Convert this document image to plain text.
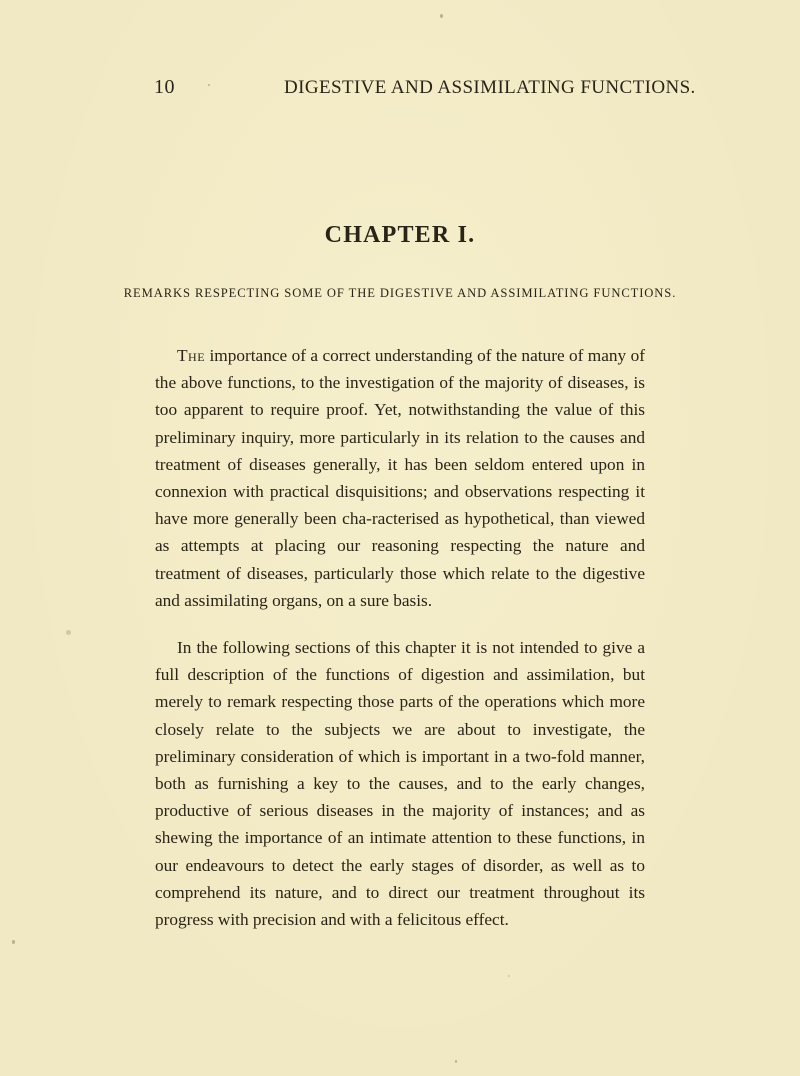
10	DIGESTIVE AND ASSIMILATING FUNCTIONS.
CHAPTER I.
REMARKS RESPECTING SOME OF THE DIGESTIVE AND ASSIMILATING FUNCTIONS.

The importance of a correct understanding of the nature of many of the above functions, to the investigation of the majority of diseases, is too apparent to require proof. Yet, notwithstanding the value of this preliminary inquiry, more particularly in its relation to the causes and treatment of diseases generally, it has been seldom entered upon in connexion with practical disquisitions; and observations respecting it have more generally been cha-racterised as hypothetical, than viewed as attempts at placing our reasoning respecting the nature and treatment of diseases, particularly those which relate to the digestive and assimilating organs, on a sure basis.

In the following sections of this chapter it is not intended to give a full description of the functions of digestion and assimilation, but merely to remark respecting those parts of the operations which more closely relate to the subjects we are about to investigate, the preliminary consideration of which is important in a two-fold manner, both as furnishing a key to the causes, and to the early changes, productive of serious diseases in the majority of instances; and as shewing the importance of an intimate attention to these functions, in our endeavours to detect the early stages of disorder, as well as to comprehend its nature, and to direct our treatment throughout its progress with precision and with a felicitous effect.
